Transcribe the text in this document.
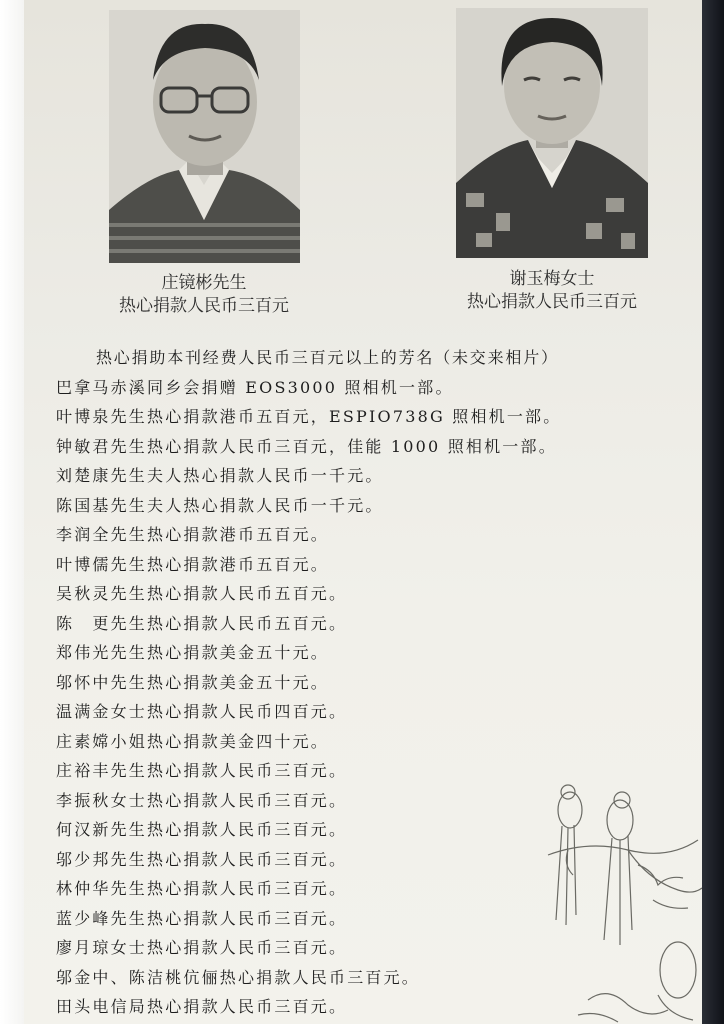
庄镜彬先生
热心捐款人民币三百元
谢玉梅女士
热心捐款人民币三百元
热心捐助本刊经费人民币三百元以上的芳名（未交来相片）
巴拿马赤溪同乡会捐赠 EOS3000 照相机一部。
叶博泉先生热心捐款港币五百元，ESPIO738G 照相机一部。
钟敏君先生热心捐款人民币三百元，佳能 1000 照相机一部。
刘楚康先生夫人热心捐款人民币一千元。
陈国基先生夫人热心捐款人民币一千元。
李润全先生热心捐款港币五百元。
叶博儒先生热心捐款港币五百元。
吴秋灵先生热心捐款人民币五百元。
陈　更先生热心捐款人民币五百元。
郑伟光先生热心捐款美金五十元。
邬怀中先生热心捐款美金五十元。
温满金女士热心捐款人民币四百元。
庄素嫦小姐热心捐款美金四十元。
庄裕丰先生热心捐款人民币三百元。
李振秋女士热心捐款人民币三百元。
何汉新先生热心捐款人民币三百元。
邬少邦先生热心捐款人民币三百元。
林仲华先生热心捐款人民币三百元。
蓝少峰先生热心捐款人民币三百元。
廖月琼女士热心捐款人民币三百元。
邬金中、陈洁桃伉俪热心捐款人民币三百元。
田头电信局热心捐款人民币三百元。
